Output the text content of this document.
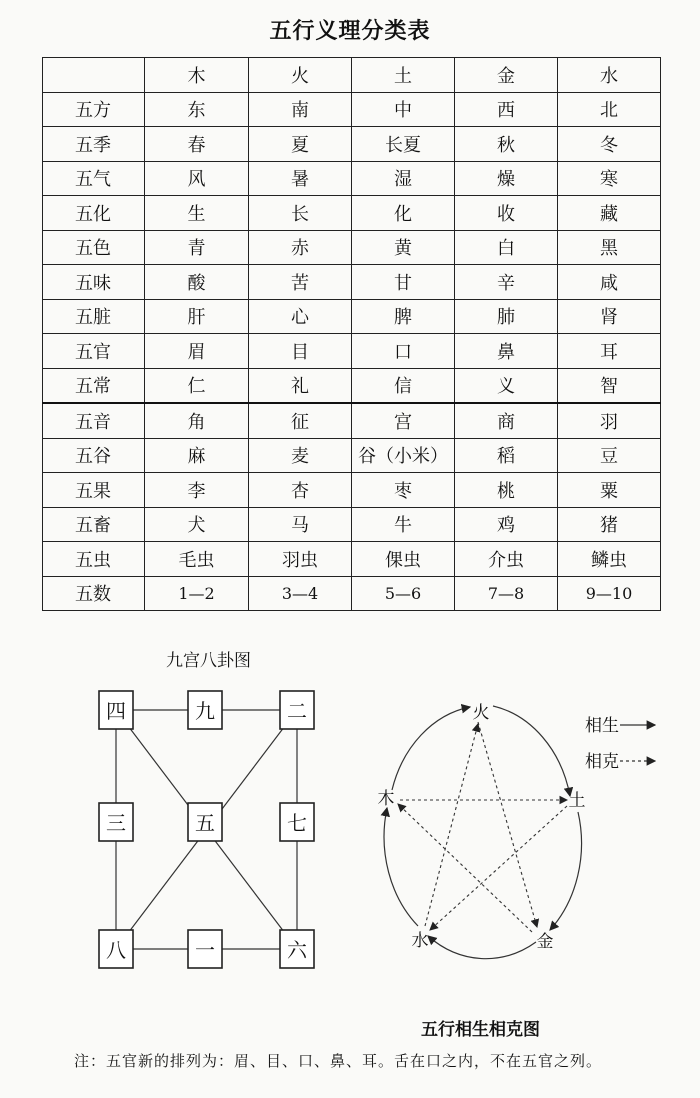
五行义理分类表
	木	火	土	金	水
五方	东	南	中	西	北
五季	春	夏	长夏	秋	冬
五气	风	暑	湿	燥	寒
五化	生	长	化	收	藏
五色	青	赤	黄	白	黑
五味	酸	苦	甘	辛	咸
五脏	肝	心	脾	肺	肾
五官	眉	目	口	鼻	耳
五常	仁	礼	信	义	智
五音	角	征	宫	商	羽
五谷	麻	麦	谷（小米）	稻	豆
五果	李	杏	枣	桃	粟
五畜	犬	马	牛	鸡	猪
五虫	毛虫	羽虫	倮虫	介虫	鳞虫
五数	1—2	3—4	5—6	7—8	9—10
四	九	二
三	五	七
八	一	六
火
土
金
水
木
相生
相克
九宫八卦图
五行相生相克图
注：五官新的排列为：眉、目、口、鼻、耳。舌在口之内，不在五官之列。
